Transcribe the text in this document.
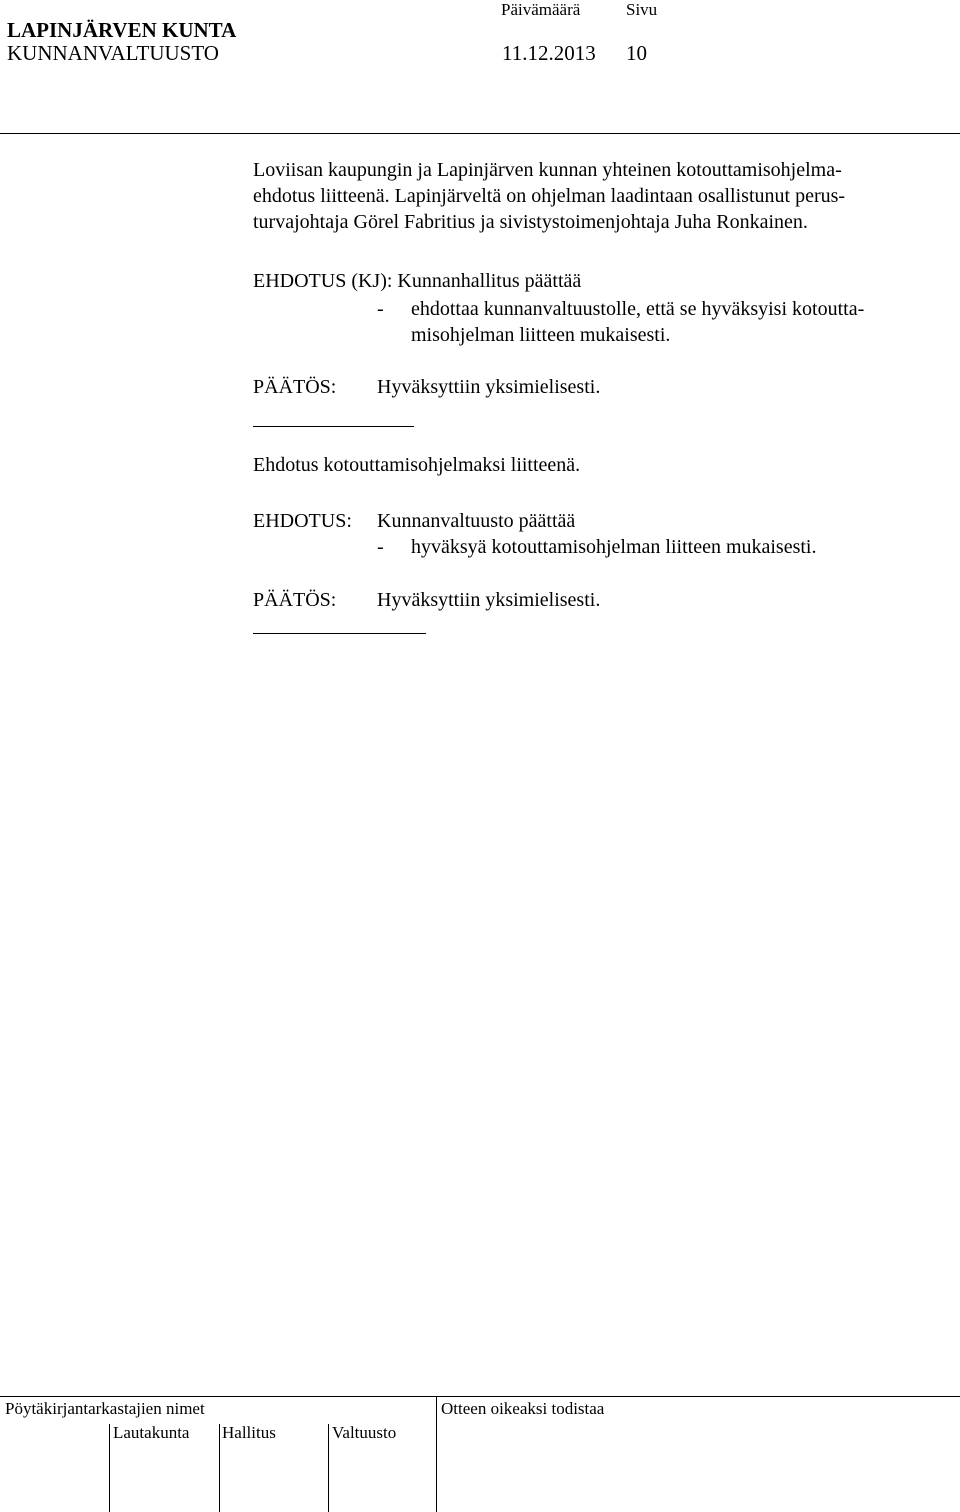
LAPINJÄRVEN KUNTA
KUNNANVALTUUSTO
Päivämäärä	Sivu
11.12.2013 10
Loviisan kaupungin ja Lapinjärven kunnan yhteinen kotouttamisohjelma-
ehdotus liitteenä. Lapinjärveltä on ohjelman laadintaan osallistunut perus-
turvajohtaja Görel Fabritius ja sivistystoimenjohtaja Juha Ronkainen.
EHDOTUS (KJ): Kunnanhallitus päättää
- ehdottaa kunnanvaltuustolle, että se hyväksyisi kotoutta-
misohjelman liitteen mukaisesti.
PÄÄTÖS: Hyväksyttiin yksimielisesti.
Ehdotus kotouttamisohjelmaksi liitteenä.
EHDOTUS: Kunnanvaltuusto päättää
- hyväksyä kotouttamisohjelman liitteen mukaisesti.
PÄÄTÖS: Hyväksyttiin yksimielisesti.
Pöytäkirjantarkastajien nimet	Otteen oikeaksi todistaa
Lautakunta Hallitus	Valtuusto
